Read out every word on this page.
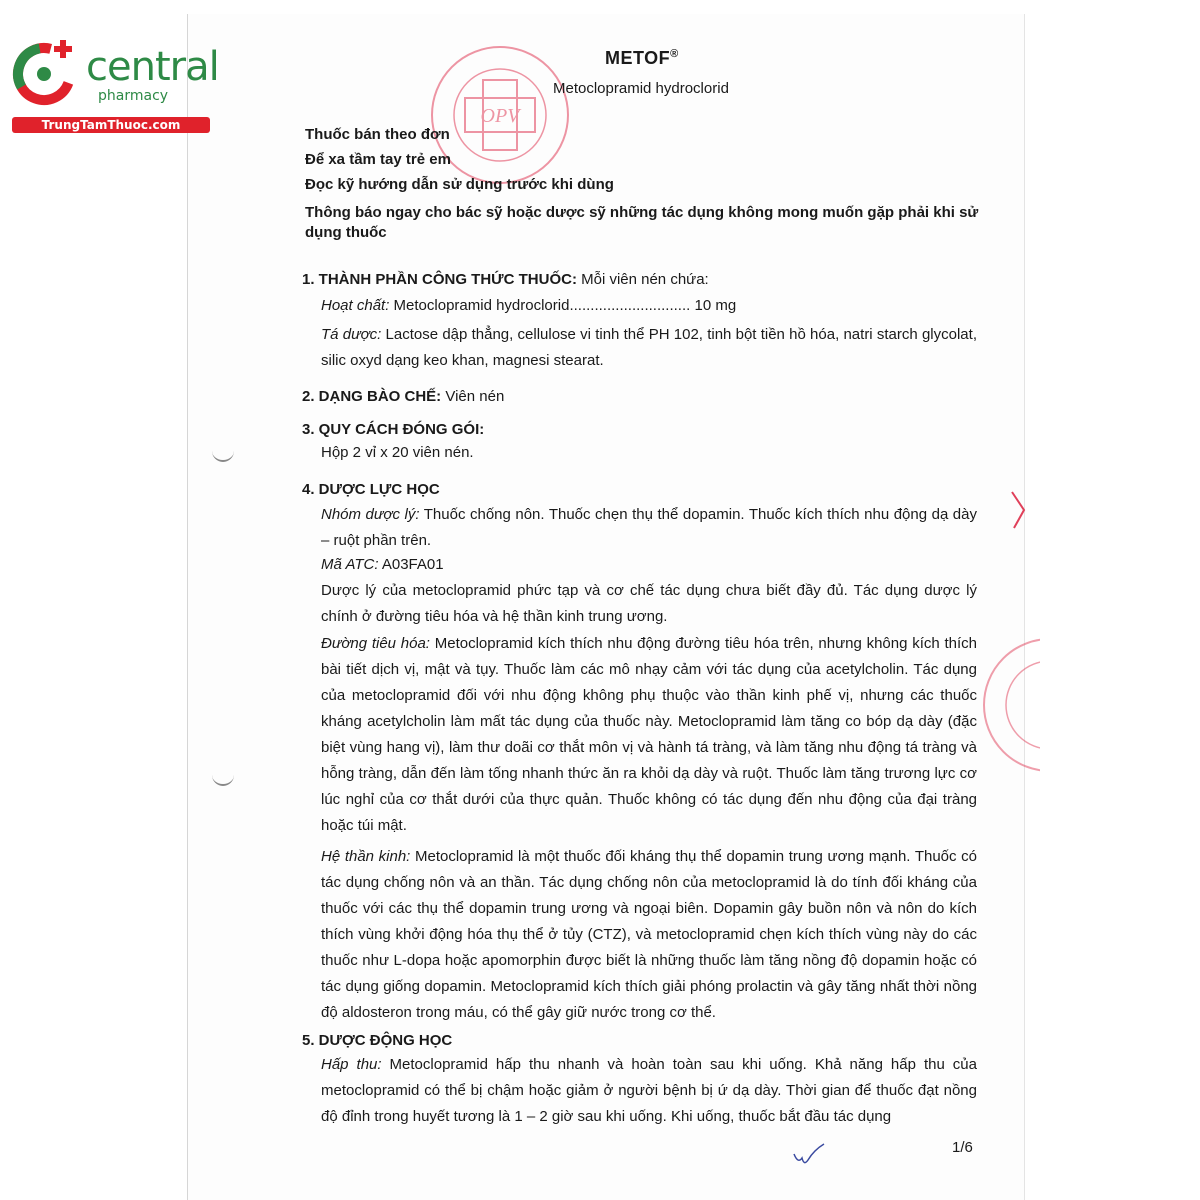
central
pharmacy
TrungTamThuoc.com	OPV
METOF®
Metoclopramid hydroclorid
Thuốc bán theo đơn
Để xa tầm tay trẻ em
Đọc kỹ hướng dẫn sử dụng trước khi dùng
Thông báo ngay cho bác sỹ hoặc dược sỹ những tác dụng không mong muốn gặp phải khi sử
dụng thuốc
1. THÀNH PHẦN CÔNG THỨC THUỐC: Mỗi viên nén chứa:
Hoạt chất: Metoclopramid hydroclorid............................. 10 mg
Tá dược: Lactose dập thẳng, cellulose vi tinh thể PH 102, tinh bột tiền hồ hóa, natri starch glycolat, silic oxyd dạng keo khan, magnesi stearat.
2. DẠNG BÀO CHẾ: Viên nén
3. QUY CÁCH ĐÓNG GÓI:
Hộp 2 vỉ x 20 viên nén.
4. DƯỢC LỰC HỌC
Nhóm dược lý: Thuốc chống nôn. Thuốc chẹn thụ thể dopamin. Thuốc kích thích nhu động dạ dày – ruột phần trên.
Mã ATC: A03FA01
Dược lý của metoclopramid phức tạp và cơ chế tác dụng chưa biết đầy đủ. Tác dụng dược lý chính ở đường tiêu hóa và hệ thần kinh trung ương.
Đường tiêu hóa: Metoclopramid kích thích nhu động đường tiêu hóa trên, nhưng không kích thích bài tiết dịch vị, mật và tụy. Thuốc làm các mô nhạy cảm với tác dụng của acetylcholin. Tác dụng của metoclopramid đối với nhu động không phụ thuộc vào thần kinh phế vị, nhưng các thuốc kháng acetylcholin làm mất tác dụng của thuốc này. Metoclopramid làm tăng co bóp dạ dày (đặc biệt vùng hang vị), làm thư doãi cơ thắt môn vị và hành tá tràng, và làm tăng nhu động tá tràng và hỗng tràng, dẫn đến làm tống nhanh thức ăn ra khỏi dạ dày và ruột. Thuốc làm tăng trương lực cơ lúc nghỉ của cơ thắt dưới của thực quản. Thuốc không có tác dụng đến nhu động của đại tràng hoặc túi mật.
Hệ thần kinh: Metoclopramid là một thuốc đối kháng thụ thể dopamin trung ương mạnh. Thuốc có tác dụng chống nôn và an thần. Tác dụng chống nôn của metoclopramid là do tính đối kháng của thuốc với các thụ thể dopamin trung ương và ngoại biên. Dopamin gây buồn nôn và nôn do kích thích vùng khởi động hóa thụ thể ở tủy (CTZ), và metoclopramid chẹn kích thích vùng này do các thuốc như L-dopa hoặc apomorphin được biết là những thuốc làm tăng nồng độ dopamin hoặc có tác dụng giống dopamin. Metoclopramid kích thích giải phóng prolactin và gây tăng nhất thời nồng độ aldosteron trong máu, có thể gây giữ nước trong cơ thể.
5. DƯỢC ĐỘNG HỌC
Hấp thu: Metoclopramid hấp thu nhanh và hoàn toàn sau khi uống. Khả năng hấp thu của metoclopramid có thể bị chậm hoặc giảm ở người bệnh bị ứ dạ dày. Thời gian để thuốc đạt nồng độ đỉnh trong huyết tương là 1 – 2 giờ sau khi uống. Khi uống, thuốc bắt đầu tác dụng
1/6
